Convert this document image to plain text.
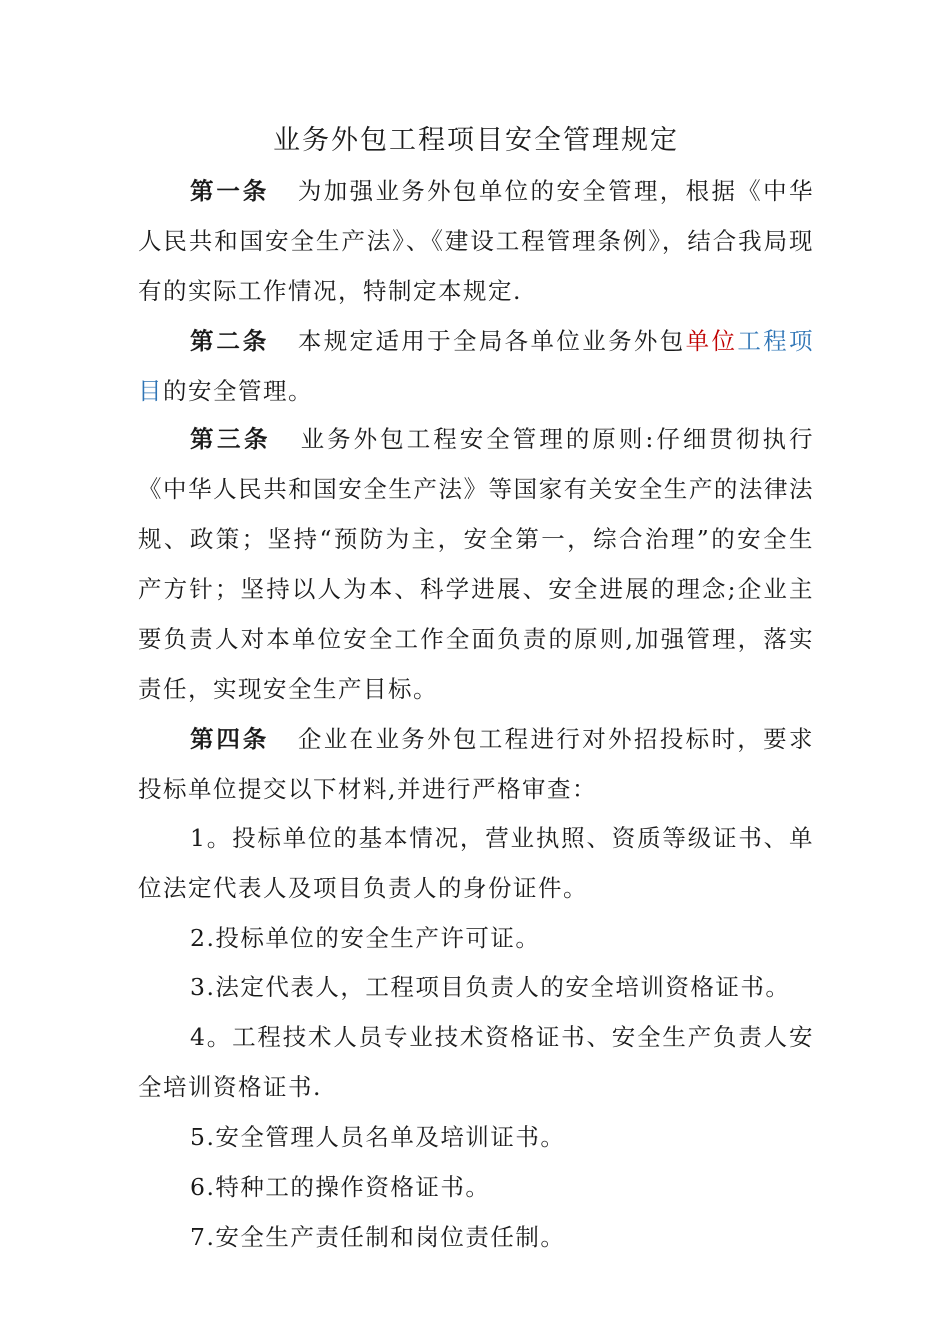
业务外包工程项目安全管理规定

第一条 为加强业务外包单位的安全管理，根据《中华人民共和国安全生产法》、《建设工程管理条例》，结合我局现有的实际工作情况，特制定本规定.

第二条 本规定适用于全局各单位业务外包单位工程项目的安全管理。

第三条 业务外包工程安全管理的原则:仔细贯彻执行《中华人民共和国安全生产法》等国家有关安全生产的法律法规、政策；坚持“预防为主，安全第一，综合治理”的安全生产方针；坚持以人为本、科学进展、安全进展的理念;企业主要负责人对本单位安全工作全面负责的原则,加强管理，落实责任，实现安全生产目标。

第四条 企业在业务外包工程进行对外招投标时，要求投标单位提交以下材料,并进行严格审查：

1。投标单位的基本情况，营业执照、资质等级证书、单位法定代表人及项目负责人的身份证件。

2.投标单位的安全生产许可证。

3.法定代表人，工程项目负责人的安全培训资格证书。

4。工程技术人员专业技术资格证书、安全生产负责人安全培训资格证书.

5.安全管理人员名单及培训证书。

6.特种工的操作资格证书。

7.安全生产责任制和岗位责任制。
